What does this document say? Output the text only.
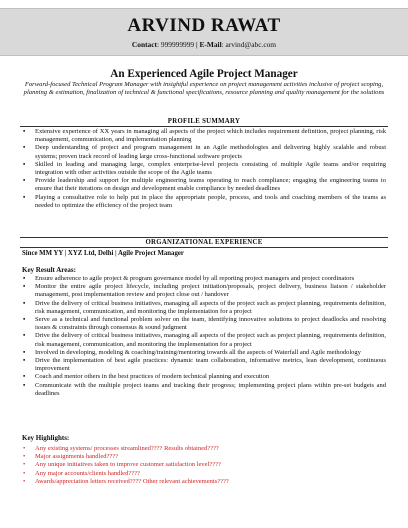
ARVIND RAWAT
Contact: 999999999 | E-Mail: arvind@abc.com
An Experienced Agile Project Manager
Forward-focused Technical Program Manager with insightful experience on project management activities inclusive of project scoping, planning & estimation, finalization of technical & functional specifications, resource planning and quality management for the solutions
PROFILE SUMMARY
▪ Extensive experience of XX years in managing all aspects of the project which includes requirement definition, project planning, risk management, communication, and implementation planning
▪ Deep understanding of project and program management in an Agile methodologies and delivering highly scalable and robust systems; proven track record of leading large cross-functional software projects
▪ Skilled in leading and managing large, complex enterprise-level projects consisting of multiple Agile teams and/or requiring integration with other activities outside the scope of the Agile teams
▪ Provide leadership and support for multiple engineering teams operating to reach compliance; engaging the engineering teams to ensure that their iterations on design and development enable compliance by needed deadlines
▪ Playing a consultative role to help put in place the appropriate people, process, and tools and coaching members of the teams as needed to optimize the efficiency of the project team
ORGANIZATIONAL EXPERIENCE
Since MM YY | XYZ Ltd, Delhi | Agile Project Manager
Key Result Areas:
▪ Ensure adherence to agile project & program governance model by all reporting project managers and project coordinators
▪ Monitor the entire agile project lifecycle, including project initiation/proposals, project delivery, business liaison / stakeholder management, post implementation review and project close out / handover
▪ Drive the delivery of critical business initiatives, managing all aspects of the project such as project planning, requirements definition, risk management, communication, and monitoring the implementation for a project
▪ Serve as a technical and functional problem solver on the team, identifying innovative solutions to project deadlocks and resolving issues & constraints through consensus & sound judgment
▪ Drive the delivery of critical business initiatives, managing all aspects of the project such as project planning, requirements definition, risk management, communication, and monitoring the implementation for a project
▪ Involved in developing, modeling & coaching/training/mentoring towards all the aspects of Waterfall and Agile methodology
▪ Drive the implementation of best agile practices: dynamic team collaboration, informative metrics, lean development, continuous improvement
▪ Coach and mentor others in the best practices of modern technical planning and execution
▪ Communicate with the multiple project teams and tracking their progress; implementing project plans within pre-set budgets and deadlines
Key Highlights:
• Any existing systems/ processes streamlined???? Results obtained????
• Major assignments handled????
• Any unique initiatives taken to improve customer satisfaction level????
• Any major accounts/clients handled????
• Awards/appreciation letters received???? Other relevant achievements????
